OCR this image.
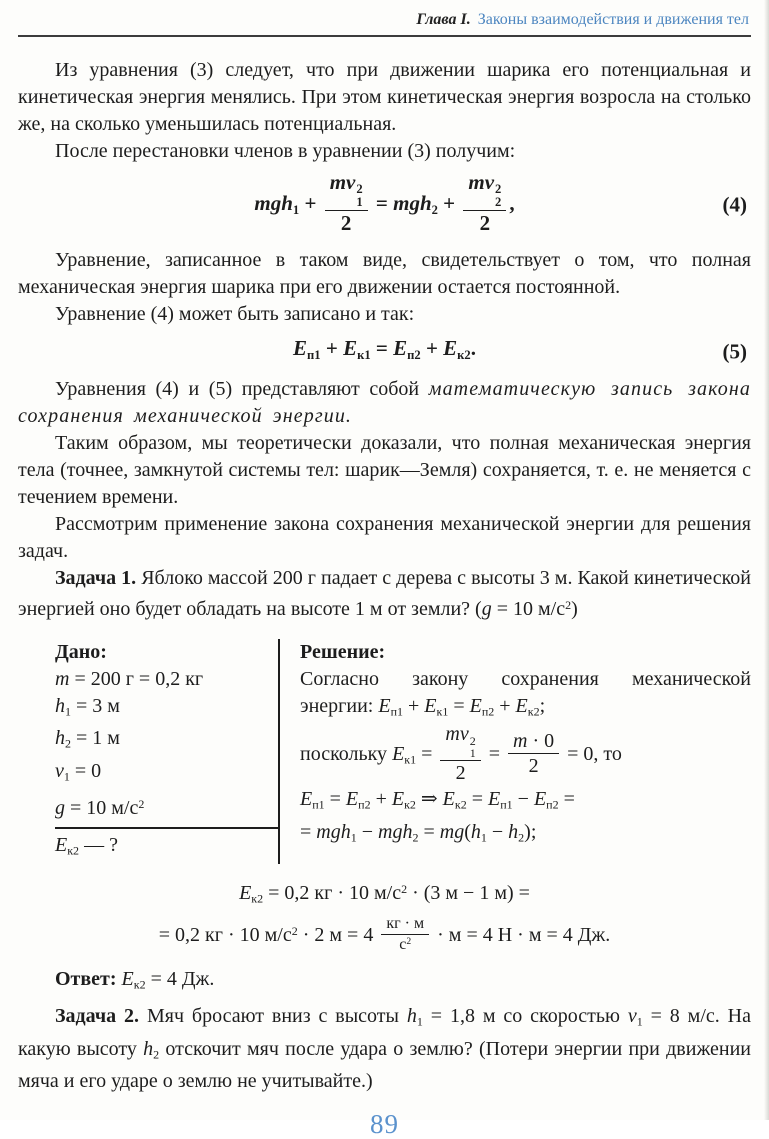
Глава I. Законы взаимодействия и движения тел

Из уравнения (3) следует, что при движении шарика его потенциальная и кинетическая энергия менялись. При этом кинетическая энергия возросла на столько же, на сколько уменьшилась потенциальная.

После перестановки членов в уравнении (3) получим:

mgh1 + mv 2
1
2 = mgh2 + mv 2
2
2 ,	(4)

Уравнение, записанное в таком виде, свидетельствует о том, что полная механическая энергия шарика при его движении остается постоянной.

Уравнение (4) может быть записано и так:

Eп1 + Eк1 = Eп2 + Eк2.	(5)

Уравнения (4) и (5) представляют собой математическую запись закона сохранения механической энергии.

Таким образом, мы теоретически доказали, что полная механическая энергия тела (точнее, замкнутой системы тел: шарик—Земля) сохраняется, т. е. не меняется с течением времени.

Рассмотрим применение закона сохранения механической энергии для решения задач.

Задача 1. Яблоко массой 200 г падает с дерева с высоты 3 м. Какой кинетической энергией оно будет обладать на высоте 1 м от земли? (g = 10 $м/с^2$)

Дано:

m = 200 г = 0,2 кг

$h_1 = 3$ м

$h_2 = 1$ м

$v_1 = 0$

g = 10 $м/с^2$

$E_{к2}$ — ?

Решение:

Согласно закону сохранения механической

энергии: $E_{п1} + E_{к1} = E_{п2} + E_{к2}$;

поскольку $E_{к1}$ = mv 2
1
$2 = \frac{m \cdot 0}{2} = 0$, то

$E_{п1} = E_{п2} + E_{к2}$ ⇒ $E_{к2} = E_{п1} - E_{п2}$ =

= $mgh_1 - mgh_2 = mg(h_1 - h_2)$;

$E_{к2} = 0,2$ кг · 10 $м/с^2 \cdot (3$ м − 1 м) =

= 0,2 кг · 10 $м/с^2 \cdot 2$ $м = 4 \frac{кг \cdot м}{с^2} \cdot м = 4$ Н · м = 4 Дж.

Ответ: $E_{к2} = 4$ Дж.

Задача 2. Мяч бросают вниз с высоты $h_1 = 1,8$ м со скоростью $v_1 = 8$ м/с. На какую высоту $h_2$ отскочит мяч после удара о землю? (Потери энергии при движении мяча и его ударе о землю не учитывайте.)

89
